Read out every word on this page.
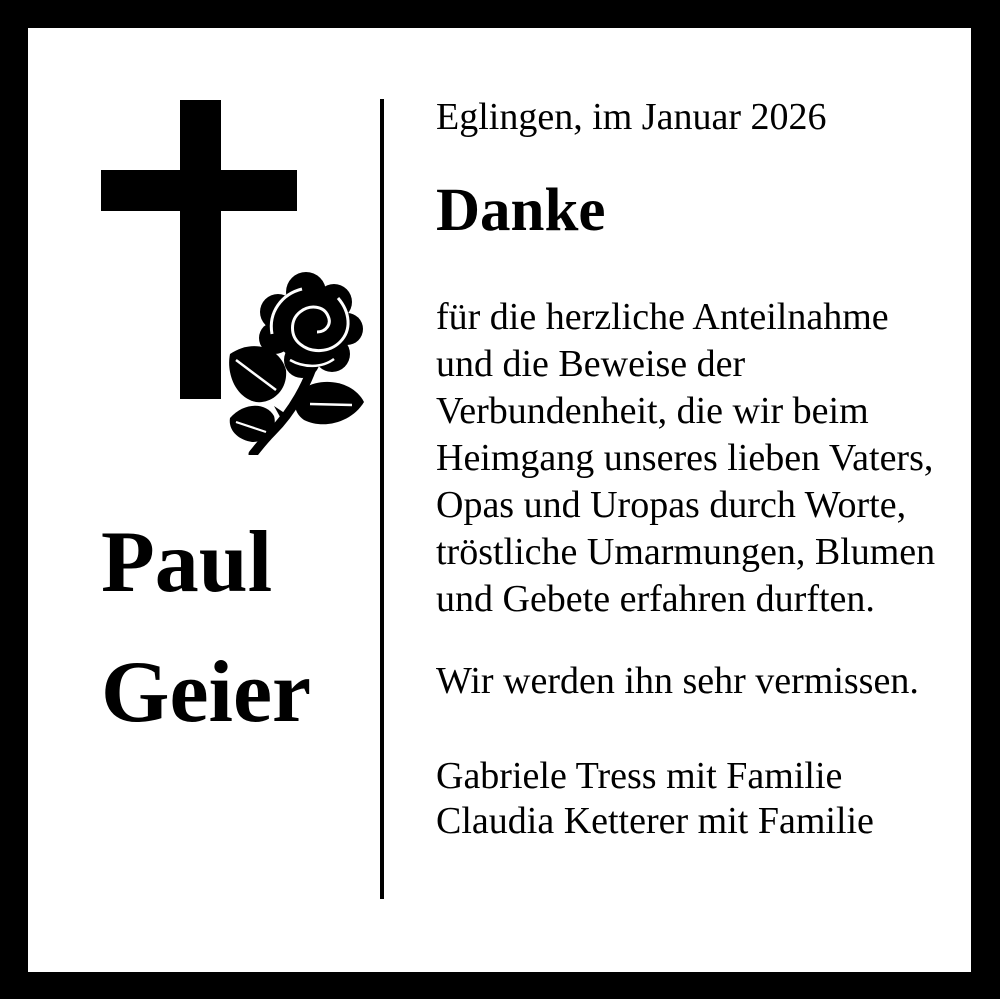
Paul
Geier
Eglingen, im Januar 2026
Danke
für die herzliche Anteilnahme
und die Beweise der
Verbundenheit, die wir beim
Heimgang unseres lieben Vaters,
Opas und Uropas durch Worte,
tröstliche Umarmungen, Blumen
und Gebete erfahren durften.
Wir werden ihn sehr vermissen.
Gabriele Tress mit Familie
Claudia Ketterer mit Familie
